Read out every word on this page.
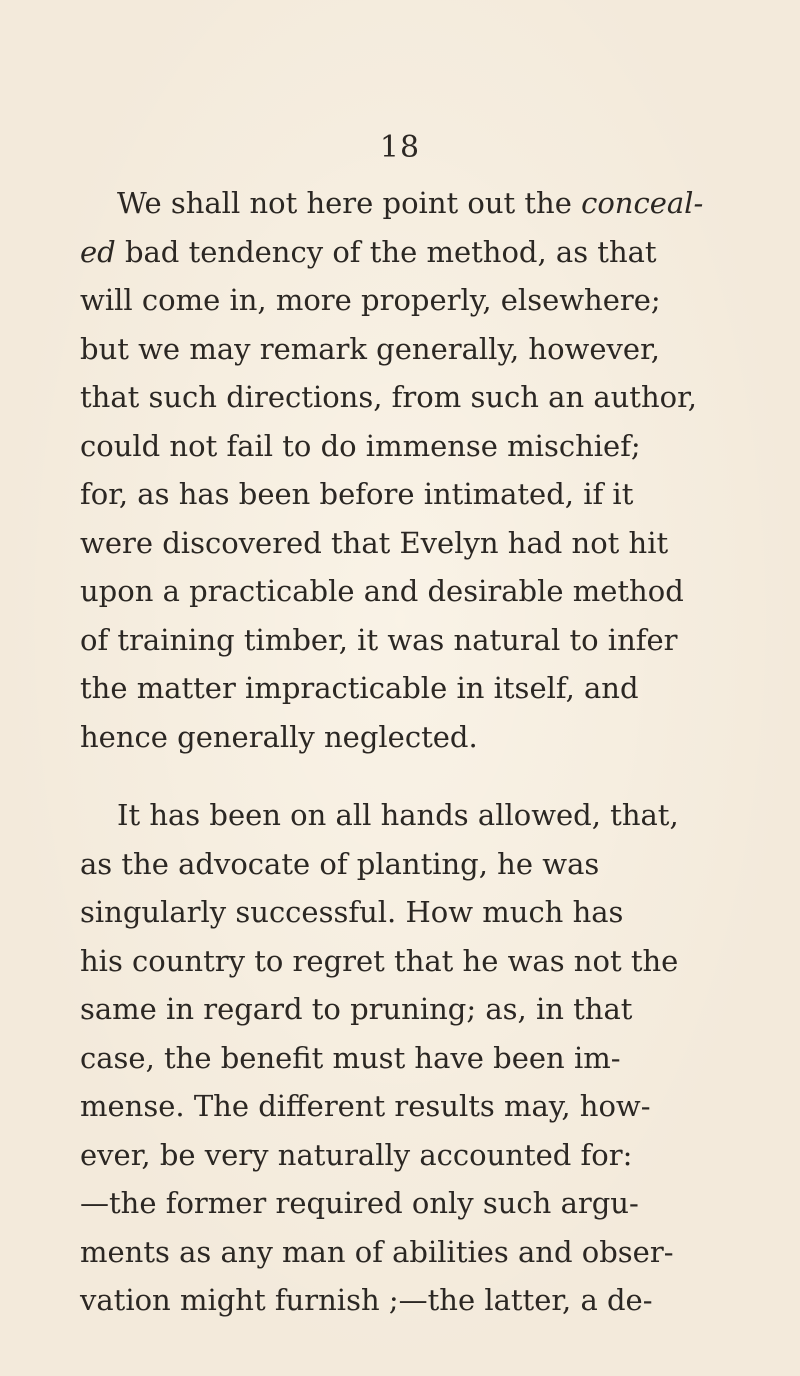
18
We shall not here point out the conceal-
ed bad tendency of the method, as that
will come in, more properly, elsewhere;
but we may remark generally, however,
that such directions, from such an author,
could not fail to do immense mischief;
for, as has been before intimated, if it
were discovered that Evelyn had not hit
upon a practicable and desirable method
of training timber, it was natural to infer
the matter impracticable in itself, and
hence generally neglected.
It has been on all hands allowed, that,
as the advocate of planting, he was
singularly successful. How much has
his country to regret that he was not the
same in regard to pruning; as, in that
case, the benefit must have been im-
mense. The different results may, how-
ever, be very naturally accounted for:
—the former required only such argu-
ments as any man of abilities and obser-
vation might furnish ;—the latter, a de-
